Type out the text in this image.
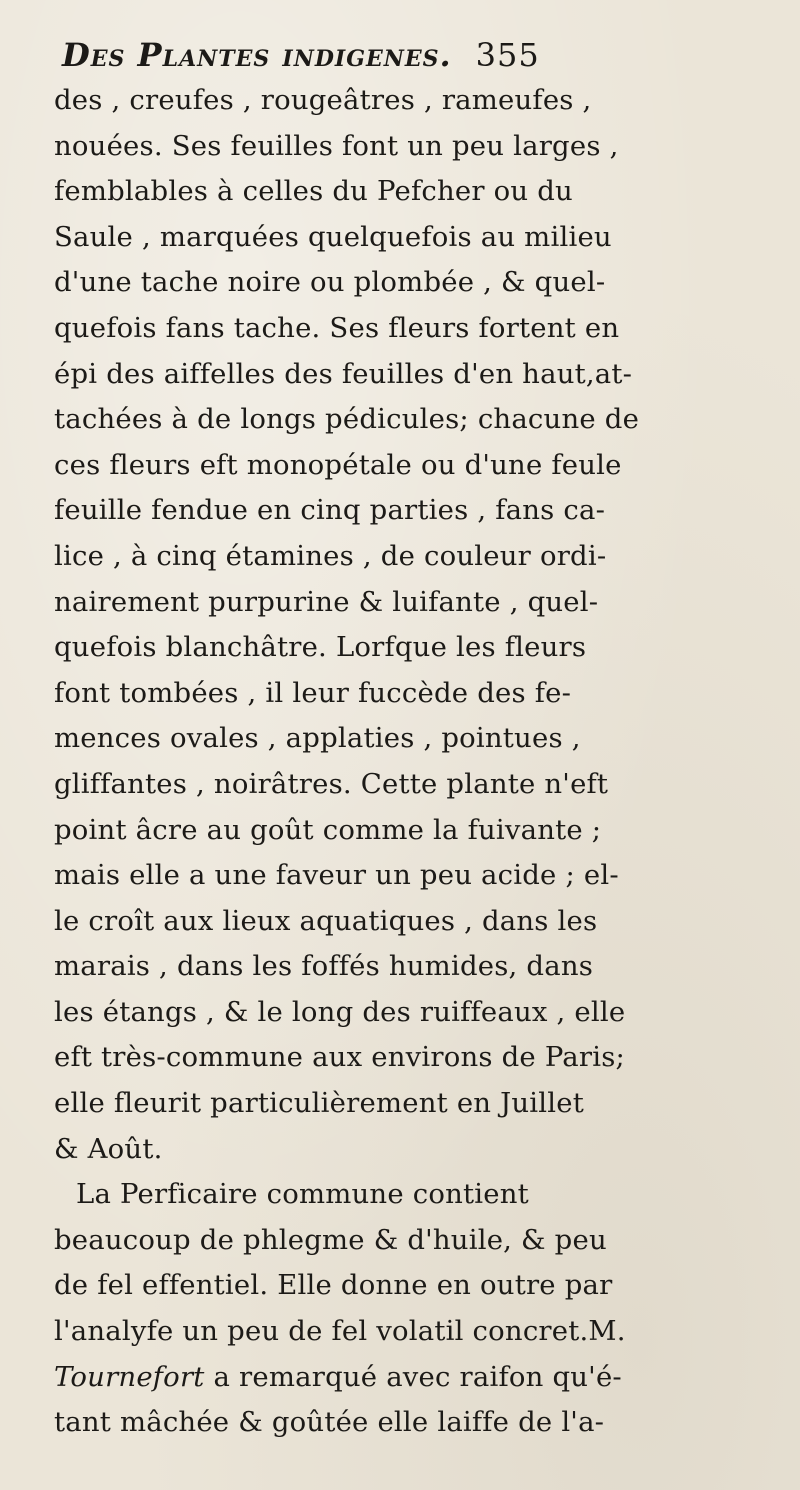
Des Plantes indigenes. 355
des , creufes , rougeâtres , rameufes ,
nouées. Ses feuilles font un peu larges ,
femblables à celles du Pefcher ou du
Saule , marquées quelquefois au milieu
d'une tache noire ou plombée , & quel-
quefois fans tache. Ses fleurs fortent en
épi des aiffelles des feuilles d'en haut,at-
tachées à de longs pédicules; chacune de
ces fleurs eft monopétale ou d'une feule
feuille fendue en cinq parties , fans ca-
lice , à cinq étamines , de couleur ordi-
nairement purpurine & luifante , quel-
quefois blanchâtre. Lorfque les fleurs
font tombées , il leur fuccède des fe-
mences ovales , applaties , pointues ,
gliffantes , noirâtres. Cette plante n'eft
point âcre au goût comme la fuivante ;
mais elle a une faveur un peu acide ; el-
le croît aux lieux aquatiques , dans les
marais , dans les foffés humides, dans
les étangs , & le long des ruiffeaux , elle
eft très-commune aux environs de Paris;
elle fleurit particulièrement en Juillet
& Août.
La Perficaire commune contient
beaucoup de phlegme & d'huile, & peu
de fel effentiel. Elle donne en outre par
l'analyfe un peu de fel volatil concret.M.
Tournefort a remarqué avec raifon qu'é-
tant mâchée & goûtée elle laiffe de l'a-
